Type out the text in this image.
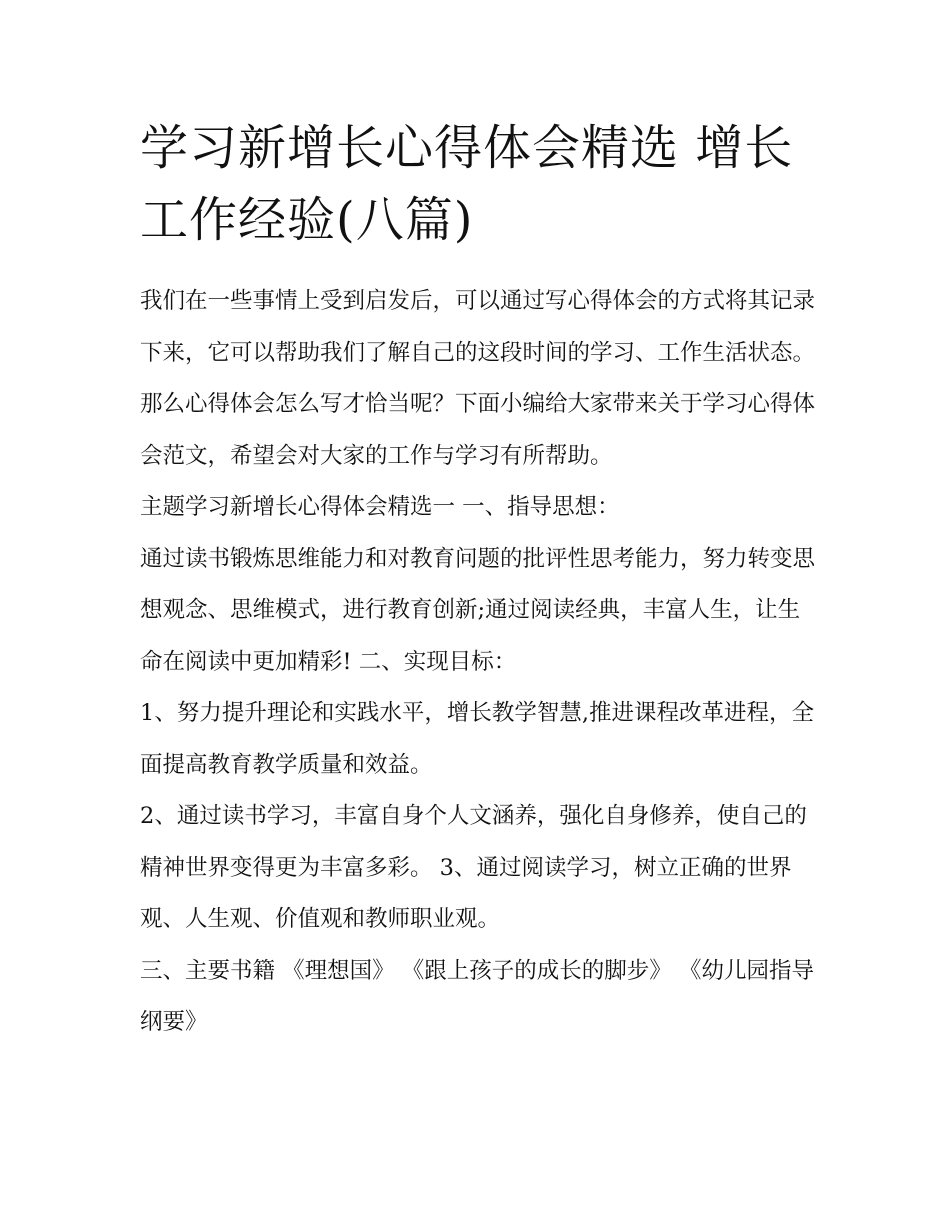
学习新增长心得体会精选 增长工作经验(八篇)

我们在一些事情上受到启发后，可以通过写心得体会的方式将其记录下来，它可以帮助我们了解自己的这段时间的学习、工作生活状态。那么心得体会怎么写才恰当呢？下面小编给大家带来关于学习心得体会范文，希望会对大家的工作与学习有所帮助。

主题学习新增长心得体会精选一 一、指导思想：

通过读书锻炼思维能力和对教育问题的批评性思考能力，努力转变思想观念、思维模式，进行教育创新;通过阅读经典，丰富人生，让生命在阅读中更加精彩! 二、实现目标：

1、努力提升理论和实践水平，增长教学智慧,推进课程改革进程，全面提高教育教学质量和效益。

2、通过读书学习，丰富自身个人文涵养，强化自身修养，使自己的精神世界变得更为丰富多彩。 3、通过阅读学习，树立正确的世界观、人生观、价值观和教师职业观。

三、主要书籍 《理想国》 《跟上孩子的成长的脚步》 《幼儿园指导纲要》
